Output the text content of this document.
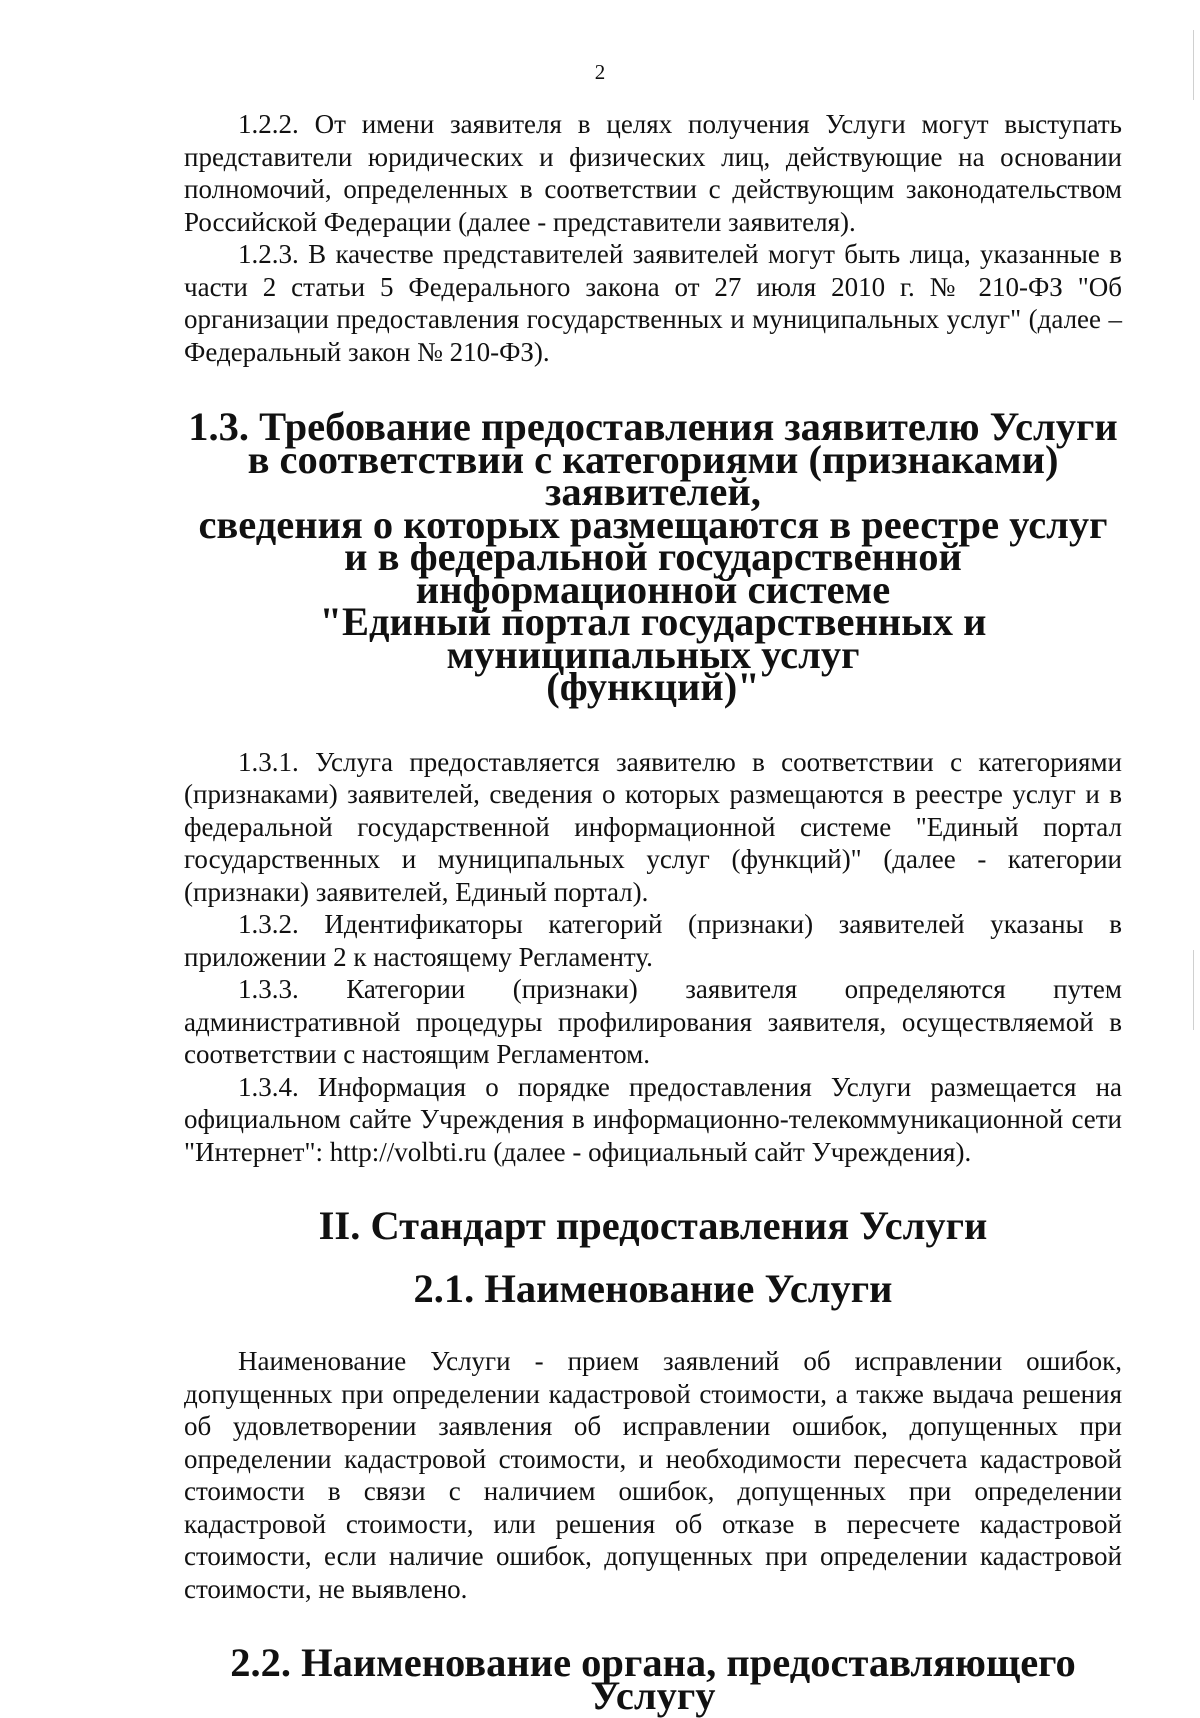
2

1.2.2. От имени заявителя в целях получения Услуги могут выступать представители юридических и физических лиц, действующие на основании полномочий, определенных в соответствии с действующим законодательством Российской Федерации (далее - представители заявителя).

1.2.3. В качестве представителей заявителей могут быть лица, указанные в части 2 статьи 5 Федерального закона от 27 июля 2010 г. № 210-ФЗ "Об организации предоставления государственных и муниципальных услуг" (далее – Федеральный закон № 210-ФЗ).

1.3. Требование предоставления заявителю Услуги
в соответствии с категориями (признаками) заявителей,
сведения о которых размещаются в реестре услуг
и в федеральной государственной информационной системе
"Единый портал государственных и муниципальных услуг
(функций)"

1.3.1. Услуга предоставляется заявителю в соответствии с категориями (признаками) заявителей, сведения о которых размещаются в реестре услуг и в федеральной государственной информационной системе "Единый портал государственных и муниципальных услуг (функций)" (далее - категории (признаки) заявителей, Единый портал).

1.3.2. Идентификаторы категорий (признаки) заявителей указаны в приложении 2 к настоящему Регламенту.

1.3.3. Категории (признаки) заявителя определяются путем административной процедуры профилирования заявителя, осуществляемой в соответствии с настоящим Регламентом.

1.3.4. Информация о порядке предоставления Услуги размещается на официальном сайте Учреждения в информационно-телекоммуникационной сети "Интернет": http://volbti.ru (далее - официальный сайт Учреждения).

II. Стандарт предоставления Услуги
2.1. Наименование Услуги

Наименование Услуги - прием заявлений об исправлении ошибок, допущенных при определении кадастровой стоимости, а также выдача решения об удовлетворении заявления об исправлении ошибок, допущенных при определении кадастровой стоимости, и необходимости пересчета кадастровой стоимости в связи с наличием ошибок, допущенных при определении кадастровой стоимости, или решения об отказе в пересчете кадастровой стоимости, если наличие ошибок, допущенных при определении кадастровой стоимости, не выявлено.

2.2. Наименование органа, предоставляющего Услугу
